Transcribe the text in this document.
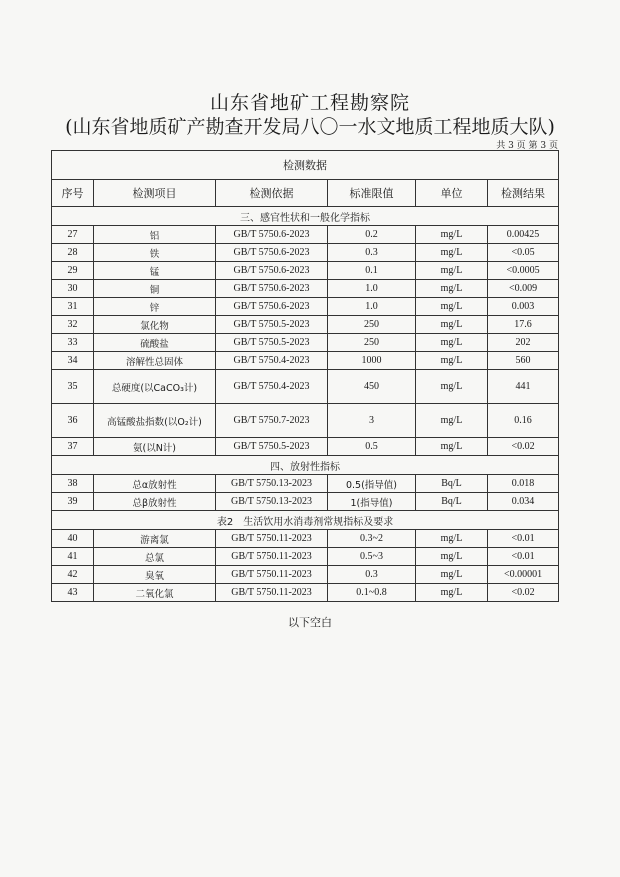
山东省地矿工程勘察院
(山东省地质矿产勘查开发局八〇一水文地质工程地质大队)
共 3 页 第 3 页
检测数据					
序号	检测项目	检测依据	标准限值	单位	检测结果
三、感官性状和一般化学指标					
27	铝	GB/T 5750.6-2023	0.2	mg/L	0.00425
28	铁	GB/T 5750.6-2023	0.3	mg/L	<0.05
29	锰	GB/T 5750.6-2023	0.1	mg/L	<0.0005
30	铜	GB/T 5750.6-2023	1.0	mg/L	<0.009
31	锌	GB/T 5750.6-2023	1.0	mg/L	0.003
32	氯化物	GB/T 5750.5-2023	250	mg/L	17.6
33	硫酸盐	GB/T 5750.5-2023	250	mg/L	202
34	溶解性总固体	GB/T 5750.4-2023	1000	mg/L	560
35	总硬度(以CaCO₃计)	GB/T 5750.4-2023	450	mg/L	441
36	高锰酸盐指数(以O₂计)	GB/T 5750.7-2023	3	mg/L	0.16
37	氨(以N计)	GB/T 5750.5-2023	0.5	mg/L	<0.02
四、放射性指标					
38	总α放射性	GB/T 5750.13-2023	0.5(指导值)	Bq/L	0.018
39	总β放射性	GB/T 5750.13-2023	1(指导值)	Bq/L	0.034
表2　生活饮用水消毒剂常规指标及要求					
40	游离氯	GB/T 5750.11-2023	0.3~2	mg/L	<0.01
41	总氯	GB/T 5750.11-2023	0.5~3	mg/L	<0.01
42	臭氧	GB/T 5750.11-2023	0.3	mg/L	<0.00001
43	二氧化氯	GB/T 5750.11-2023	0.1~0.8	mg/L	<0.02
以下空白
